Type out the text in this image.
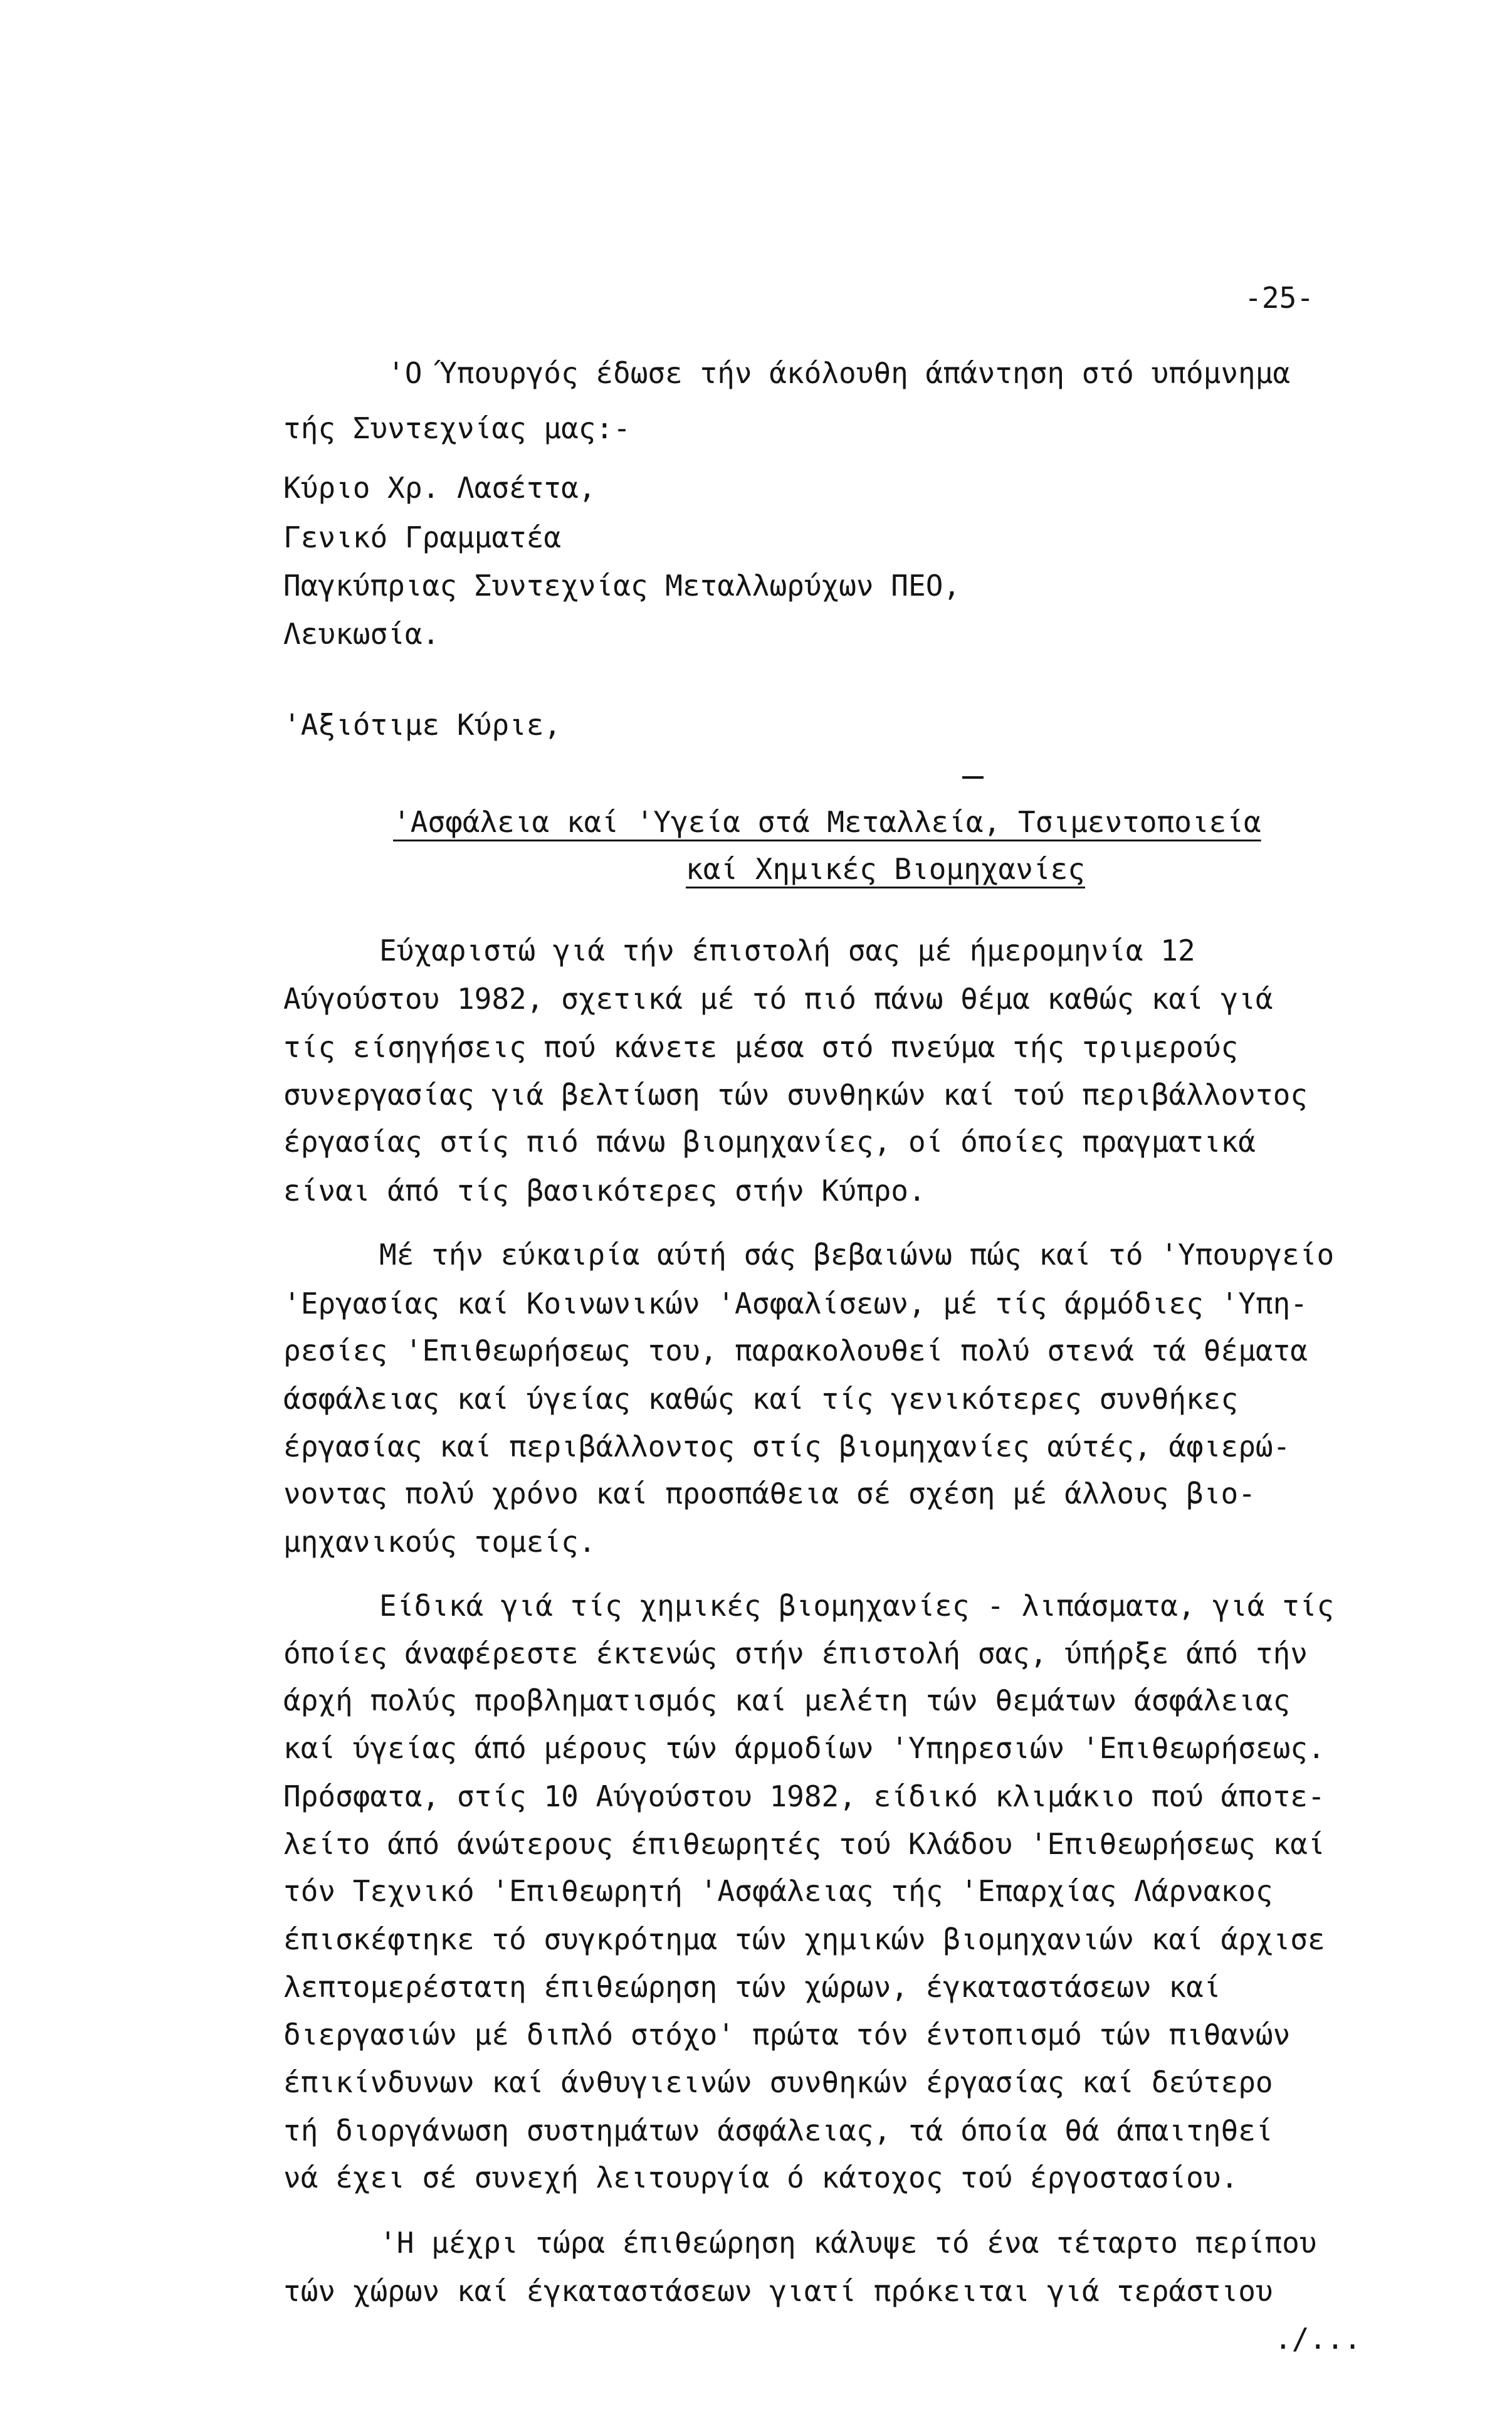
-25-
'Ο Ύπουργός έδωσε τήν άκόλουθη άπάντηση στό υπόμνημα
τής Συντεχνίας μας:-
Κύριο Χρ. Λασέττα,
Γενικό Γραμματέα
Παγκύπριας Συντεχνίας Μεταλλωρύχων ΠΕΟ,
Λευκωσία.
'Αξιότιμε Κύριε,
'Ασφάλεια καί 'Υγεία στά Μεταλλεία, Τσιμεντοποιεία
καί Χημικές Βιομηχανίες
Εύχαριστώ γιά τήν έπιστολή σας μέ ήμερομηνία 12
Αύγούστου 1982, σχετικά μέ τό πιό πάνω θέμα καθώς καί γιά
τίς είσηγήσεις πού κάνετε μέσα στό πνεύμα τής τριμερούς
συνεργασίας γιά βελτίωση τών συνθηκών καί τού περιβάλλοντος
έργασίας στίς πιό πάνω βιομηχανίες, οί όποίες πραγματικά
είναι άπό τίς βασικότερες στήν Κύπρο.
Μέ τήν εύκαιρία αύτή σάς βεβαιώνω πώς καί τό 'Υπουργείο
'Εργασίας καί Κοινωνικών 'Ασφαλίσεων, μέ τίς άρμόδιες 'Υπη-
ρεσίες 'Επιθεωρήσεως του, παρακολουθεί πολύ στενά τά θέματα
άσφάλειας καί ύγείας καθώς καί τίς γενικότερες συνθήκες
έργασίας καί περιβάλλοντος στίς βιομηχανίες αύτές, άφιερώ-
νοντας πολύ χρόνο καί προσπάθεια σέ σχέση μέ άλλους βιο-
μηχανικούς τομείς.
Είδικά γιά τίς χημικές βιομηχανίες - λιπάσματα, γιά τίς
όποίες άναφέρεστε έκτενώς στήν έπιστολή σας, ύπήρξε άπό τήν
άρχή πολύς προβληματισμός καί μελέτη τών θεμάτων άσφάλειας
καί ύγείας άπό μέρους τών άρμοδίων 'Υπηρεσιών 'Επιθεωρήσεως.
Πρόσφατα, στίς 10 Αύγούστου 1982, είδικό κλιμάκιο πού άποτε-
λείτο άπό άνώτερους έπιθεωρητές τού Κλάδου 'Επιθεωρήσεως καί
τόν Τεχνικό 'Επιθεωρητή 'Ασφάλειας τής 'Επαρχίας Λάρνακος
έπισκέφτηκε τό συγκρότημα τών χημικών βιομηχανιών καί άρχισε
λεπτομερέστατη έπιθεώρηση τών χώρων, έγκαταστάσεων καί
διεργασιών μέ διπλό στόχο' πρώτα τόν έντοπισμό τών πιθανών
έπικίνδυνων καί άνθυγιεινών συνθηκών έργασίας καί δεύτερο
τή διοργάνωση συστημάτων άσφάλειας, τά όποία θά άπαιτηθεί
νά έχει σέ συνεχή λειτουργία ό κάτοχος τού έργοστασίου.
'Η μέχρι τώρα έπιθεώρηση κάλυψε τό ένα τέταρτο περίπου
τών χώρων καί έγκαταστάσεων γιατί πρόκειται γιά τεράστιου
./...
